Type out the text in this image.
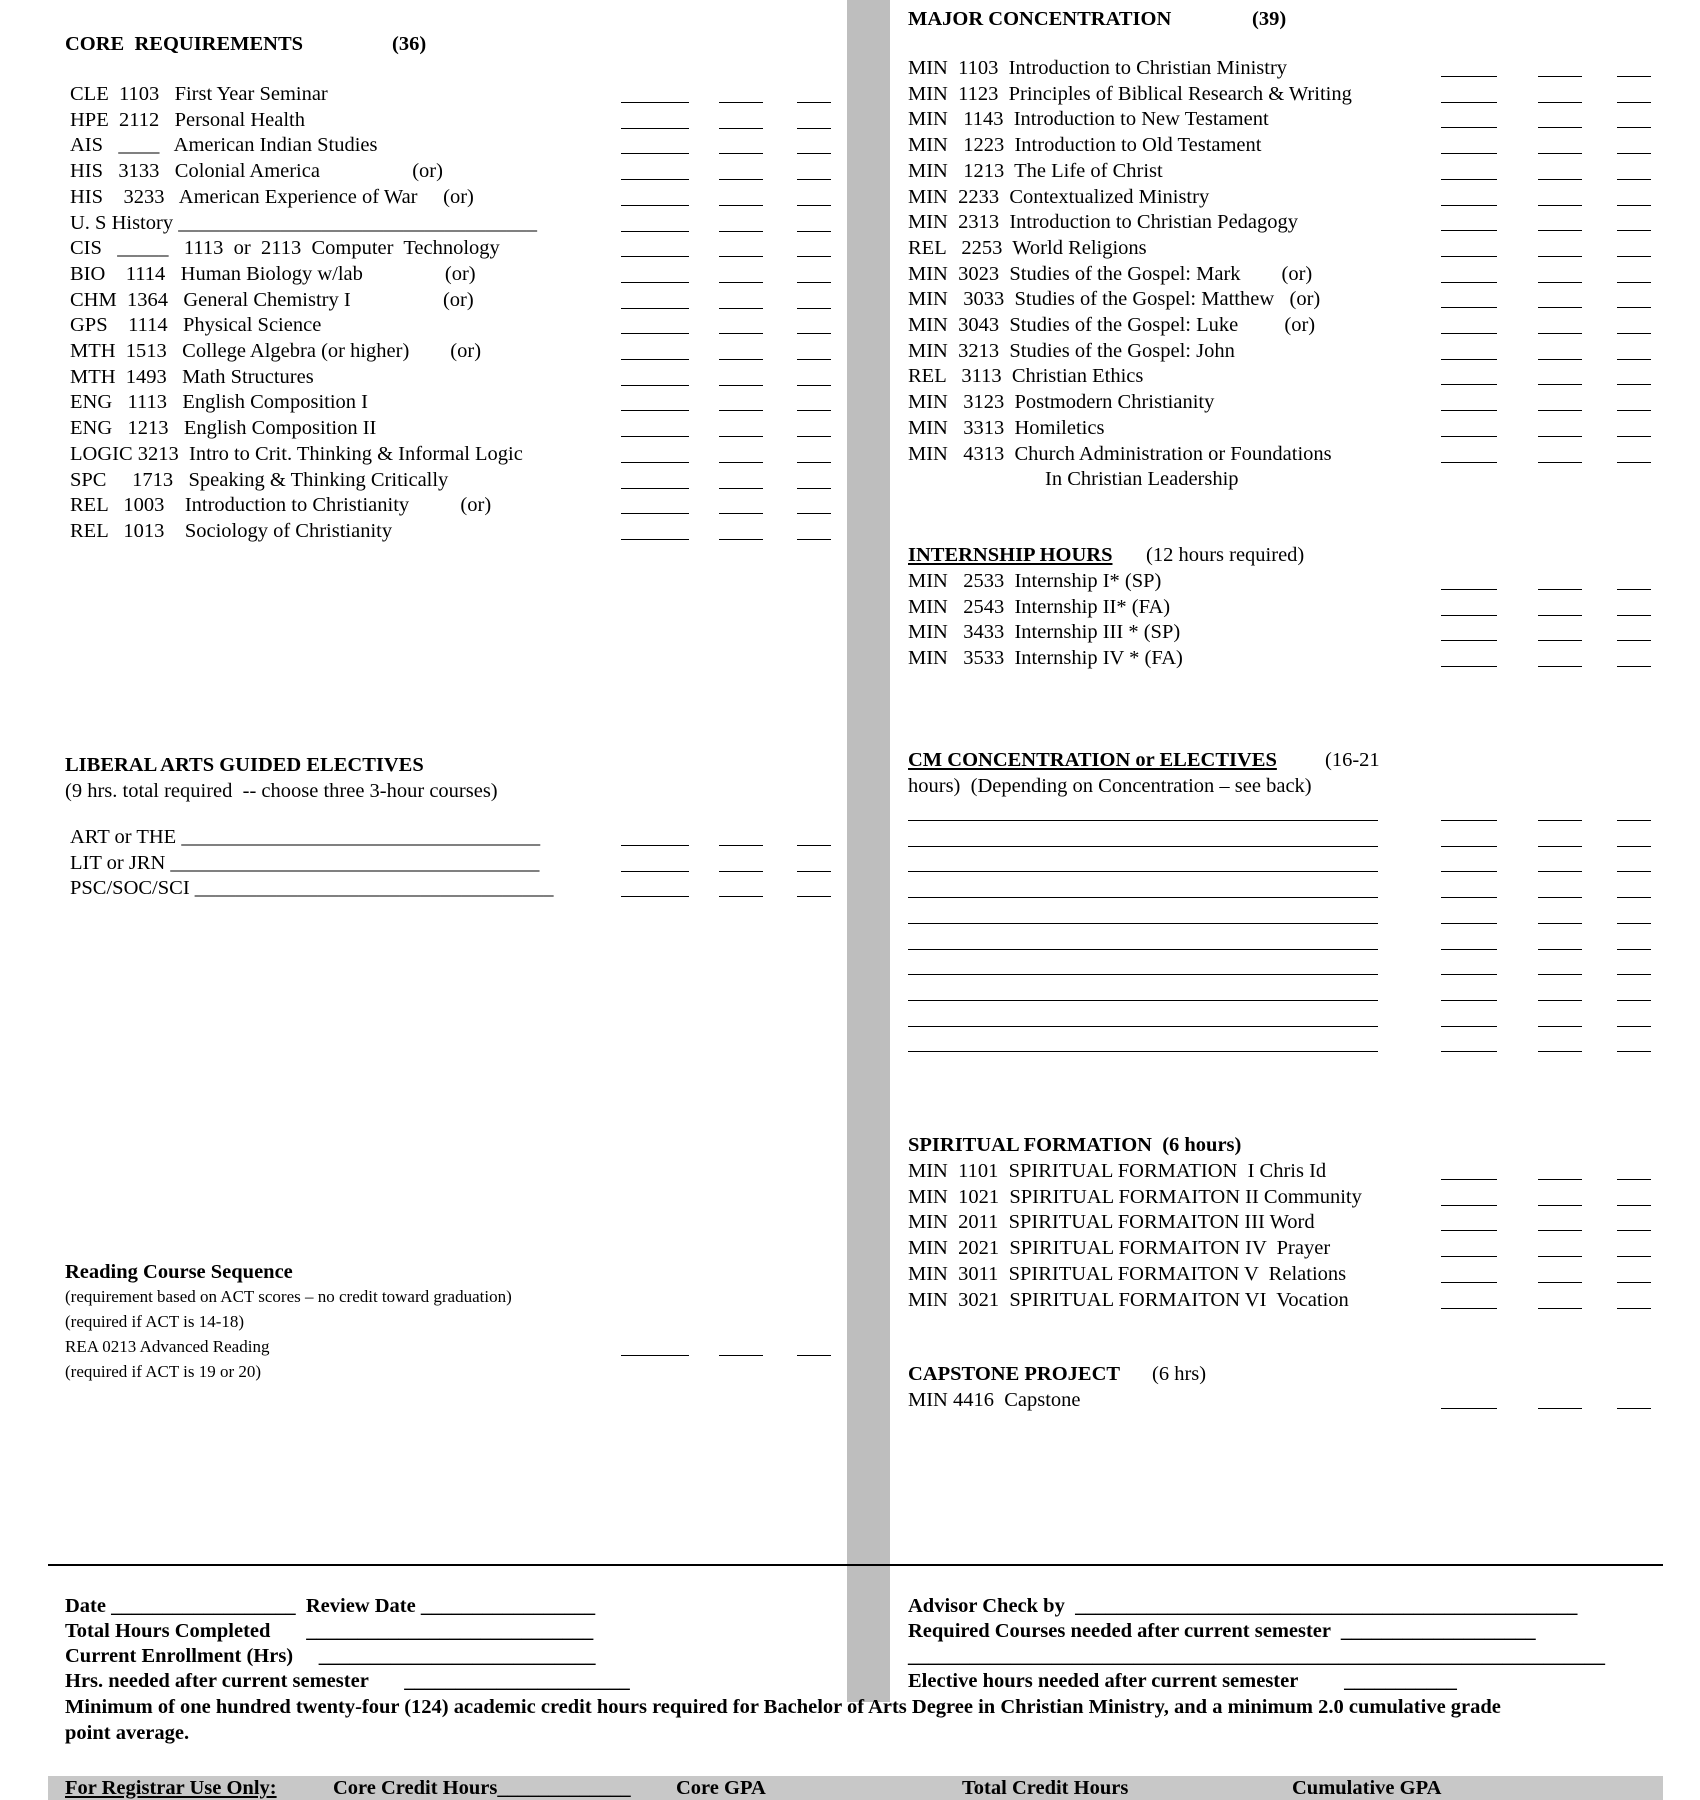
CORE  REQUIREMENTS	(36)
CLE  1103   First Year Seminar
HPE  2112   Personal Health
AIS   ____   American Indian Studies
HIS   3133   Colonial America                  (or)
HIS    3233   American Experience of War     (or)
U. S History ___________________________________
CIS   _____   1113  or  2113  Computer  Technology
BIO    1114   Human Biology w/lab                (or)
CHM  1364   General Chemistry I                  (or)
GPS    1114   Physical Science
MTH  1513   College Algebra (or higher)        (or)
MTH  1493   Math Structures
ENG   1113   English Composition I
ENG   1213   English Composition II
LOGIC 3213  Intro to Crit. Thinking & Informal Logic
SPC     1713   Speaking & Thinking Critically
REL   1003    Introduction to Christianity          (or)
REL   1013    Sociology of Christianity
LIBERAL ARTS GUIDED ELECTIVES
(9 hrs. total required  -- choose three 3-hour courses)
ART or THE ___________________________________
LIT or JRN ____________________________________
PSC/SOC/SCI ___________________________________
Reading Course Sequence
(requirement based on ACT scores – no credit toward graduation)
(required if ACT is 14-18)
REA 0213 Advanced Reading
(required if ACT is 19 or 20)
MAJOR CONCENTRATION	(39)
MIN  1103  Introduction to Christian Ministry
MIN  1123  Principles of Biblical Research & Writing
MIN   1143  Introduction to New Testament
MIN   1223  Introduction to Old Testament
MIN   1213  The Life of Christ
MIN  2233  Contextualized Ministry
MIN  2313  Introduction to Christian Pedagogy
REL   2253  World Religions
MIN  3023  Studies of the Gospel: Mark        (or)
MIN   3033  Studies of the Gospel: Matthew   (or)
MIN  3043  Studies of the Gospel: Luke         (or)
MIN  3213  Studies of the Gospel: John
REL   3113  Christian Ethics
MIN   3123  Postmodern Christianity
MIN   3313  Homiletics
MIN   4313  Church Administration or Foundations
In Christian Leadership
INTERNSHIP HOURS (12 hours required)
MIN   2533  Internship I* (SP)
MIN   2543  Internship II* (FA)
MIN   3433  Internship III * (SP)
MIN   3533  Internship IV * (FA)
CM CONCENTRATION or ELECTIVES (16-21
hours)  (Depending on Concentration – see back)
SPIRITUAL FORMATION  (6 hours)
MIN  1101  SPIRITUAL FORMATION  I Chris Id
MIN  1021  SPIRITUAL FORMAITON II Community
MIN  2011  SPIRITUAL FORMAITON III Word
MIN  2021  SPIRITUAL FORMAITON IV  Prayer
MIN  3011  SPIRITUAL FORMAITON V  Relations
MIN  3021  SPIRITUAL FORMAITON VI  Vocation
CAPSTONE PROJECT (6 hrs)
MIN 4416  Capstone
Date __________________  Review Date _________________
Total Hours Completed       ____________________________
Current Enrollment (Hrs)     ___________________________
Hrs. needed after current semester       ______________________
Advisor Check by  _________________________________________________
Required Courses needed after current semester  ___________________
____________________________________________________________________
Elective hours needed after current semester         ___________
Minimum of one hundred twenty-four (124) academic credit hours required for Bachelor of Arts Degree in Christian Ministry, and a minimum 2.0 cumulative grade
point average.
For Registrar Use Only:	Core Credit Hours_____________ Core GPA	Total Credit Hours	Cumulative GPA
